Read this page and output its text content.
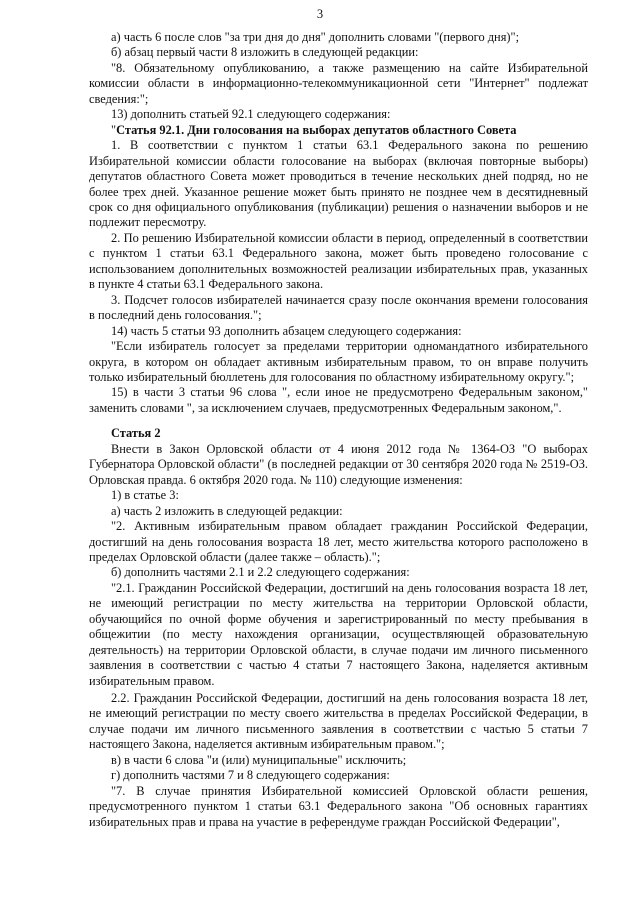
3

а) часть 6 после слов "за три дня до дня" дополнить словами "(первого дня)";

б) абзац первый части 8 изложить в следующей редакции:

"8. Обязательному опубликованию, а также размещению на сайте Избирательной комиссии области в информационно-телекоммуникационной сети "Интернет" подлежат сведения:";

13) дополнить статьей 92.1 следующего содержания:

"Статья 92.1. Дни голосования на выборах депутатов областного Совета

1. В соответствии с пунктом 1 статьи 63.1 Федерального закона по решению Избирательной комиссии области голосование на выборах (включая повторные выборы) депутатов областного Совета может проводиться в течение нескольких дней подряд, но не более трех дней. Указанное решение может быть принято не позднее чем в десятидневный срок со дня официального опубликования (публикации) решения о назначении выборов и не подлежит пересмотру.

2. По решению Избирательной комиссии области в период, определенный в соответствии с пунктом 1 статьи 63.1 Федерального закона, может быть проведено голосование с использованием дополнительных возможностей реализации избирательных прав, указанных в пункте 4 статьи 63.1 Федерального закона.

3. Подсчет голосов избирателей начинается сразу после окончания времени голосования в последний день голосования.";

14) часть 5 статьи 93 дополнить абзацем следующего содержания:

"Если избиратель голосует за пределами территории одномандатного избирательного округа, в котором он обладает активным избирательным правом, то он вправе получить только избирательный бюллетень для голосования по областному избирательному округу.";

15) в части 3 статьи 96 слова ", если иное не предусмотрено Федеральным законом," заменить словами ", за исключением случаев, предусмотренных Федеральным законом,".

Статья 2

Внести в Закон Орловской области от 4 июня 2012 года № 1364-ОЗ "О выборах Губернатора Орловской области" (в последней редакции от 30 сентября 2020 года № 2519-ОЗ. Орловская правда. 6 октября 2020 года. № 110) следующие изменения:

1) в статье 3:

а) часть 2 изложить в следующей редакции:

"2. Активным избирательным правом обладает гражданин Российской Федерации, достигший на день голосования возраста 18 лет, место жительства которого расположено в пределах Орловской области (далее также – область).";

б) дополнить частями 2.1 и 2.2 следующего содержания:

"2.1. Гражданин Российской Федерации, достигший на день голосования возраста 18 лет, не имеющий регистрации по месту жительства на территории Орловской области, обучающийся по очной форме обучения и зарегистрированный по месту пребывания в общежитии (по месту нахождения организации, осуществляющей образовательную деятельность) на территории Орловской области, в случае подачи им личного письменного заявления в соответствии с частью 4 статьи 7 настоящего Закона, наделяется активным избирательным правом.

2.2. Гражданин Российской Федерации, достигший на день голосования возраста 18 лет, не имеющий регистрации по месту своего жительства в пределах Российской Федерации, в случае подачи им личного письменного заявления в соответствии с частью 5 статьи 7 настоящего Закона, наделяется активным избирательным правом.";

в) в части 6 слова "и (или) муниципальные" исключить;

г) дополнить частями 7 и 8 следующего содержания:

"7. В случае принятия Избирательной комиссией Орловской области решения, предусмотренного пунктом 1 статьи 63.1 Федерального закона "Об основных гарантиях избирательных прав и права на участие в референдуме граждан Российской Федерации",
